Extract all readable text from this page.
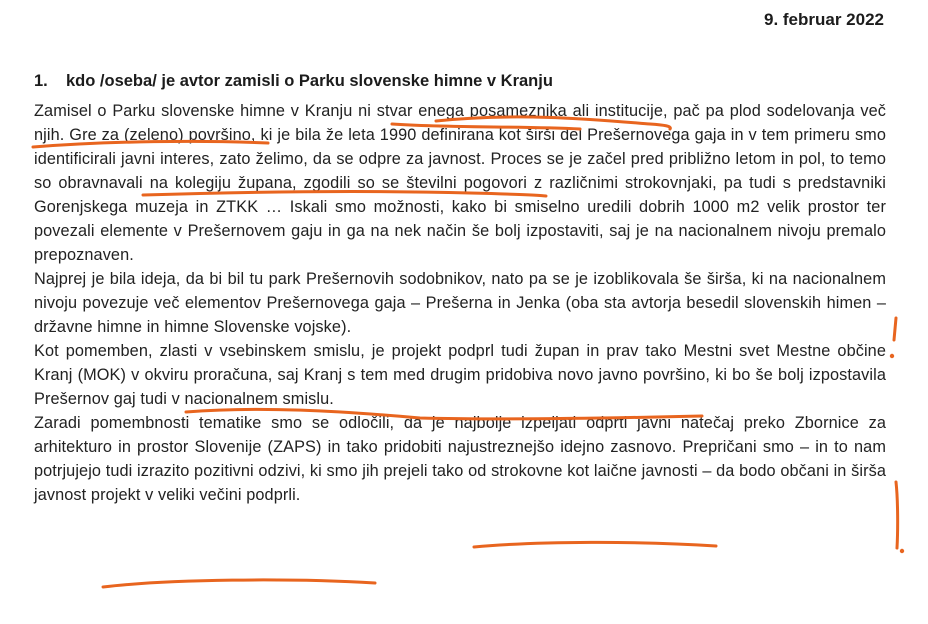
9. februar 2022
1. kdo /oseba/ je avtor zamisli o Parku slovenske himne v Kranju

Zamisel o Parku slovenske himne v Kranju ni stvar enega posameznika ali institucije, pač pa plod sodelovanja več njih. Gre za (zeleno) površino, ki je bila že leta 1990 definirana kot širši del Prešernovega gaja in v tem primeru smo identificirali javni interes, zato želimo, da se odpre za javnost. Proces se je začel pred približno letom in pol, to temo so obravnavali na kolegiju župana, zgodili so se številni pogovori z različnimi strokovnjaki, pa tudi s predstavniki Gorenjskega muzeja in ZTKK … Iskali smo možnosti, kako bi smiselno uredili dobrih 1000 m2 velik prostor ter povezali elemente v Prešernovem gaju in ga na nek način še bolj izpostaviti, saj je na nacionalnem nivoju premalo prepoznaven.

Najprej je bila ideja, da bi bil tu park Prešernovih sodobnikov, nato pa se je izoblikovala še širša, ki na nacionalnem nivoju povezuje več elementov Prešernovega gaja – Prešerna in Jenka (oba sta avtorja besedil slovenskih himen – državne himne in himne Slovenske vojske).

Kot pomemben, zlasti v vsebinskem smislu, je projekt podprl tudi župan in prav tako Mestni svet Mestne občine Kranj (MOK) v okviru proračuna, saj Kranj s tem med drugim pridobiva novo javno površino, ki bo še bolj izpostavila Prešernov gaj tudi v nacionalnem smislu.

Zaradi pomembnosti tematike smo se odločili, da je najbolje izpeljati odprti javni natečaj preko Zbornice za arhitekturo in prostor Slovenije (ZAPS) in tako pridobiti najustreznejšo idejno zasnovo. Prepričani smo – in to nam potrjujejo tudi izrazito pozitivni odzivi, ki smo jih prejeli tako od strokovne kot laične javnosti – da bodo občani in širša javnost projekt v veliki večini podprli.
